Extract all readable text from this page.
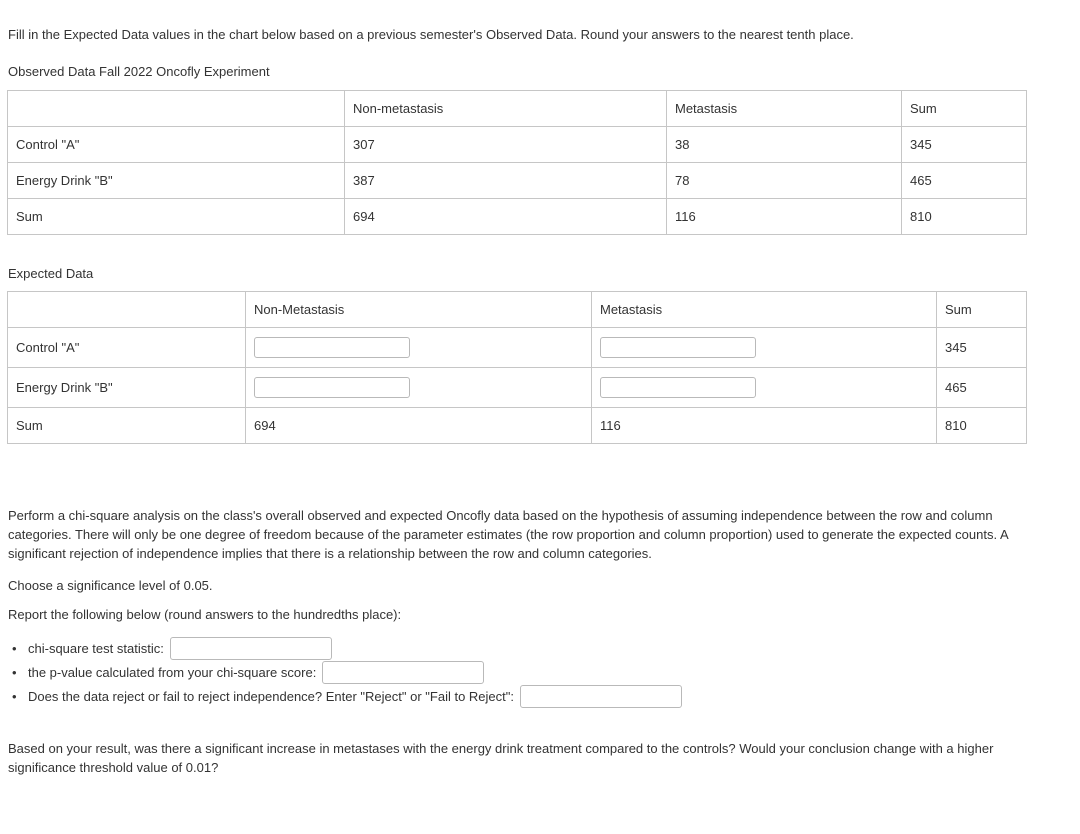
Fill in the Expected Data values in the chart below based on a previous semester's Observed Data. Round your answers to the nearest tenth place.

Observed Data Fall 2022 Oncofly Experiment

	Non-metastasis	Metastasis	Sum
Control "A"	307	38	345
Energy Drink "B"	387	78	465
Sum	694	116	810

Expected Data

	Non-Metastasis	Metastasis	Sum
Control "A"			345
Energy Drink "B"			465
Sum	694	116	810

Perform a chi-square analysis on the class's overall observed and expected Oncofly data based on the hypothesis of assuming independence between the row and column categories. There will only be one degree of freedom because of the parameter estimates (the row proportion and column proportion) used to generate the expected counts. A significant rejection of independence implies that there is a relationship between the row and column categories.

Choose a significance level of 0.05.

Report the following below (round answers to the hundredths place):

• chi-square test statistic:
• the p-value calculated from your chi-square score:
• Does the data reject or fail to reject independence? Enter "Reject" or "Fail to Reject":

Based on your result, was there a significant increase in metastases with the energy drink treatment compared to the controls? Would your conclusion change with a higher significance threshold value of 0.01?
